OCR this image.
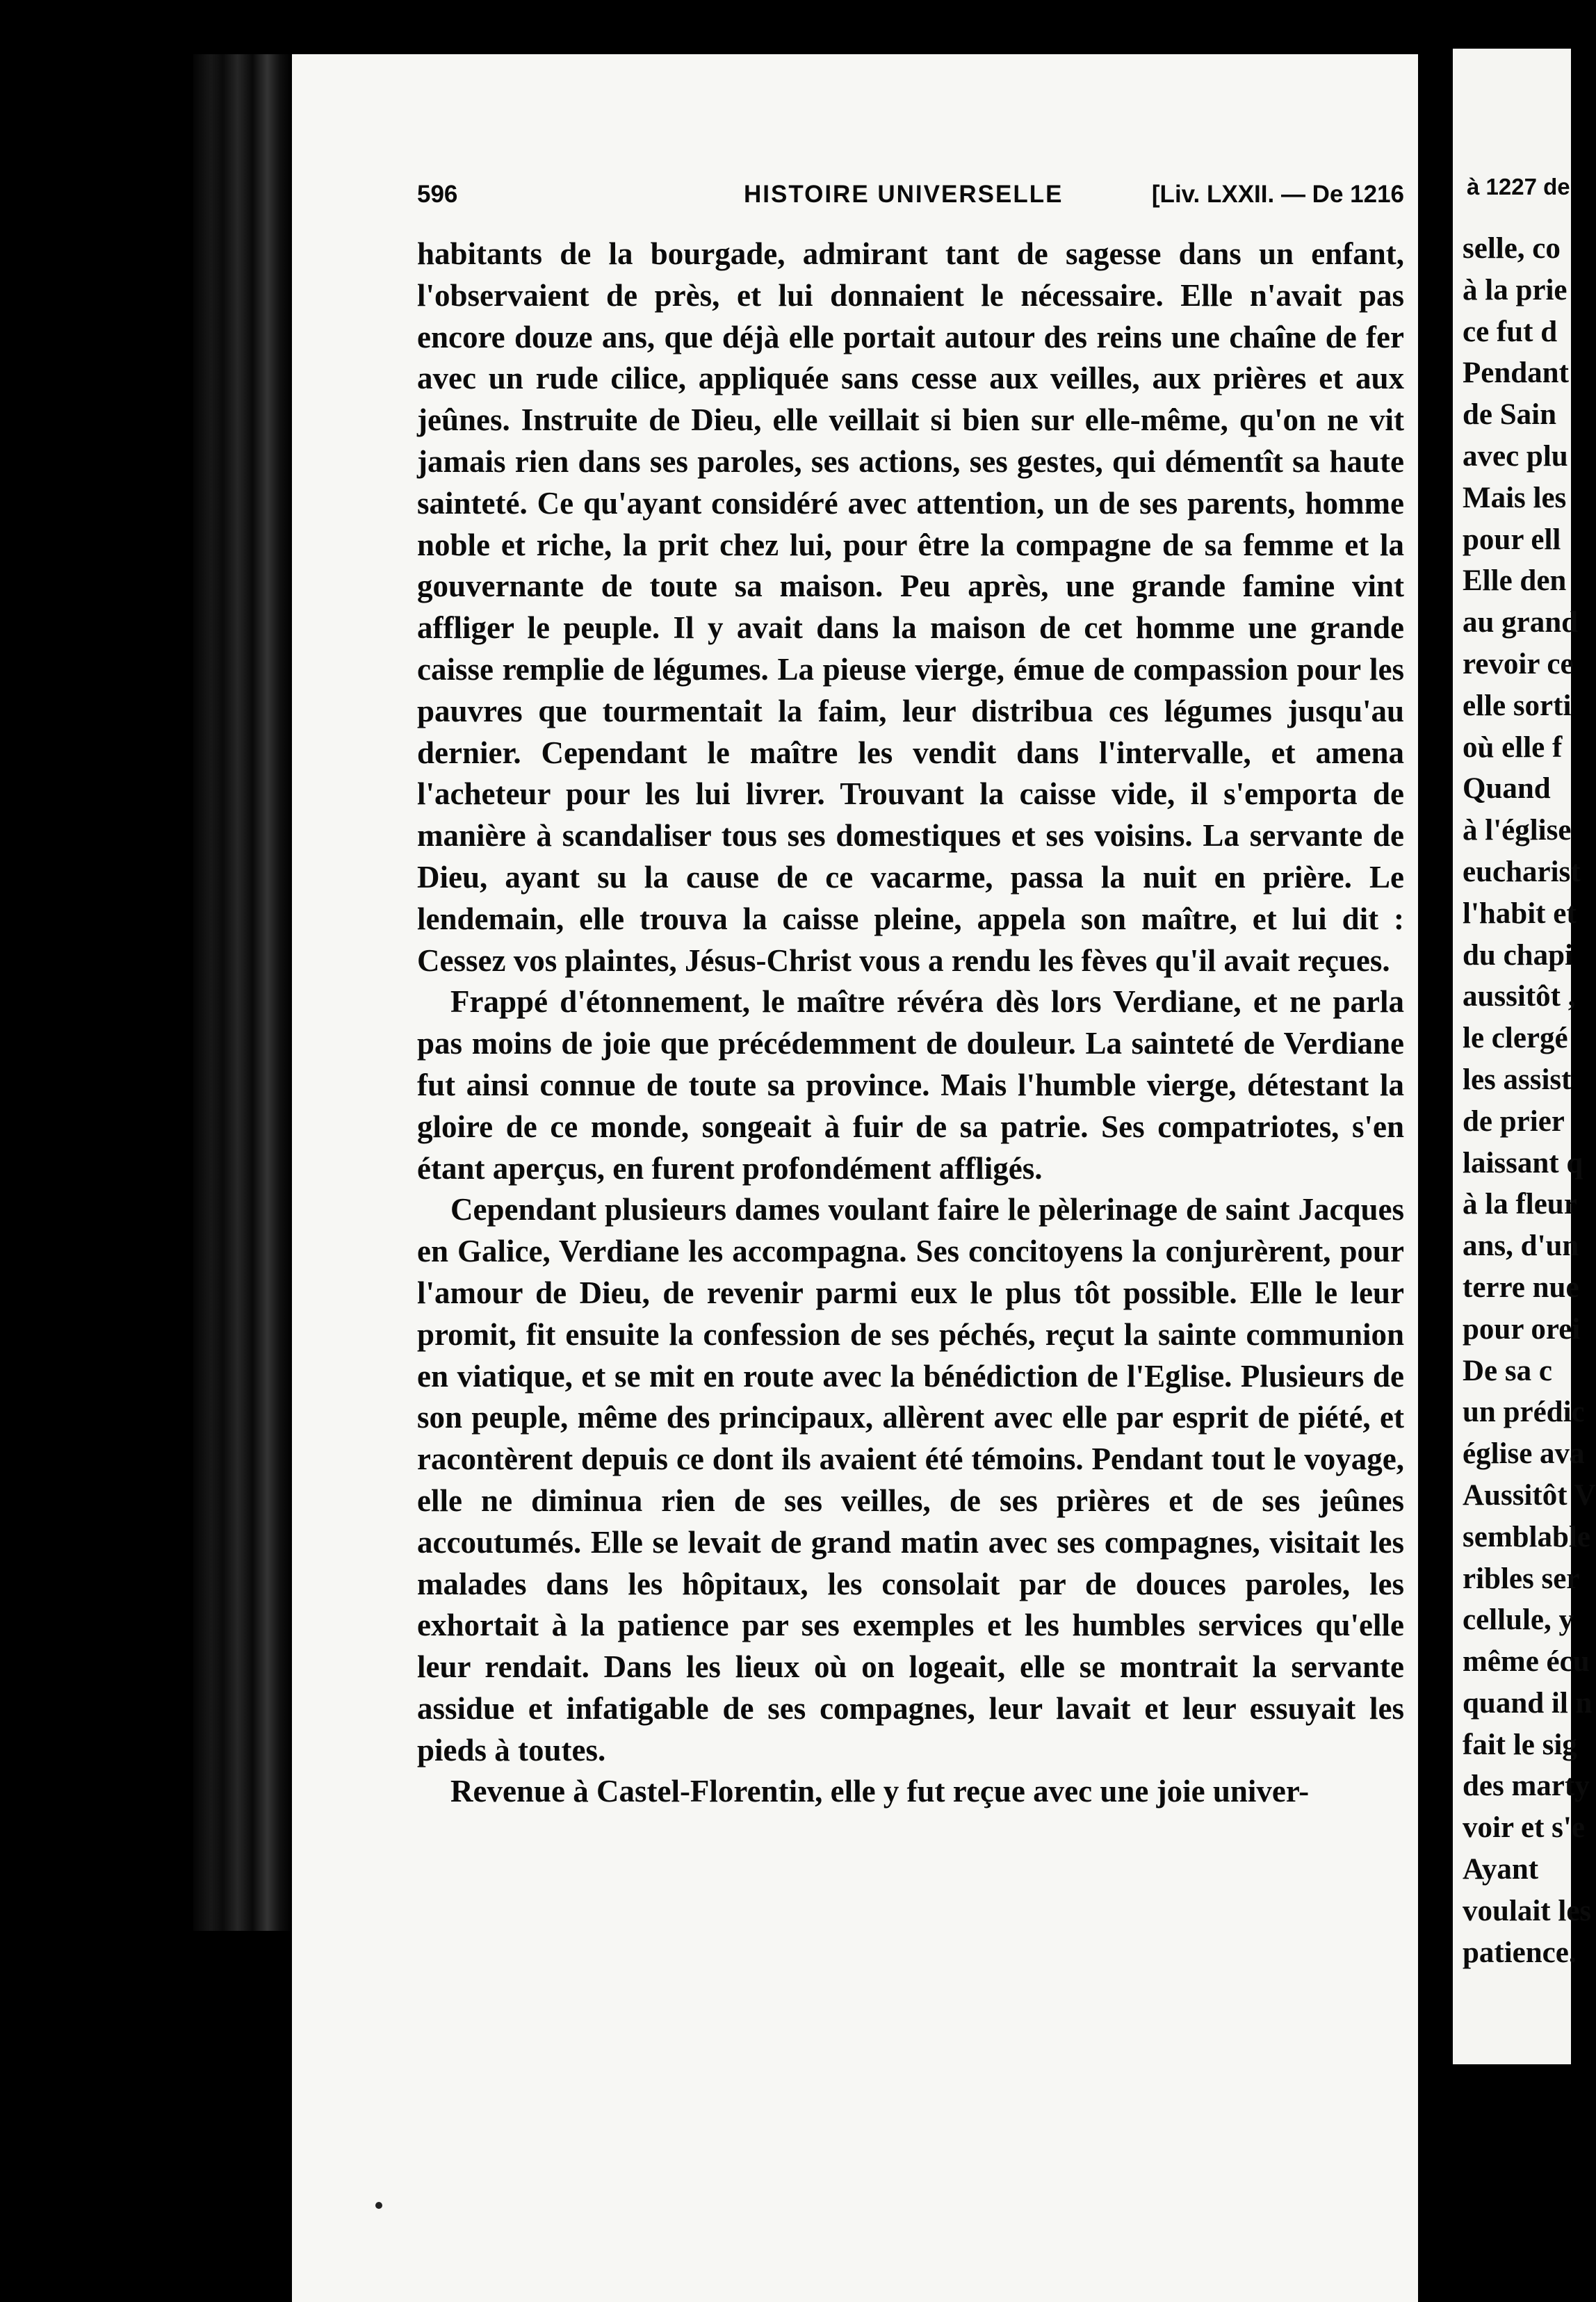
596	HISTOIRE UNIVERSELLE	[Liv. LXXII. — De 1216

habitants de la bourgade, admirant tant de sagesse dans un enfant, l'observaient de près, et lui donnaient le nécessaire. Elle n'avait pas encore douze ans, que déjà elle portait autour des reins une chaîne de fer avec un rude cilice, appliquée sans cesse aux veilles, aux prières et aux jeûnes. Instruite de Dieu, elle veillait si bien sur elle-même, qu'on ne vit jamais rien dans ses paroles, ses actions, ses gestes, qui démentît sa haute sainteté. Ce qu'ayant considéré avec attention, un de ses parents, homme noble et riche, la prit chez lui, pour être la compagne de sa femme et la gouvernante de toute sa maison. Peu après, une grande famine vint affliger le peuple. Il y avait dans la maison de cet homme une grande caisse remplie de légumes. La pieuse vierge, émue de compassion pour les pauvres que tourmentait la faim, leur distribua ces légumes jusqu'au dernier. Cependant le maître les vendit dans l'intervalle, et amena l'acheteur pour les lui livrer. Trouvant la caisse vide, il s'emporta de manière à scandaliser tous ses domestiques et ses voisins. La servante de Dieu, ayant su la cause de ce vacarme, passa la nuit en prière. Le lendemain, elle trouva la caisse pleine, appela son maître, et lui dit : Cessez vos plaintes, Jésus-Christ vous a rendu les fèves qu'il avait reçues.

Frappé d'étonnement, le maître révéra dès lors Verdiane, et ne parla pas moins de joie que précédemment de douleur. La sainteté de Verdiane fut ainsi connue de toute sa province. Mais l'humble vierge, détestant la gloire de ce monde, songeait à fuir de sa patrie. Ses compatriotes, s'en étant aperçus, en furent profondément affligés.

Cependant plusieurs dames voulant faire le pèlerinage de saint Jacques en Galice, Verdiane les accompagna. Ses concitoyens la conjurèrent, pour l'amour de Dieu, de revenir parmi eux le plus tôt possible. Elle le leur promit, fit ensuite la confession de ses péchés, reçut la sainte communion en viatique, et se mit en route avec la bénédiction de l'Eglise. Plusieurs de son peuple, même des principaux, allèrent avec elle par esprit de piété, et racontèrent depuis ce dont ils avaient été témoins. Pendant tout le voyage, elle ne diminua rien de ses veilles, de ses prières et de ses jeûnes accoutumés. Elle se levait de grand matin avec ses compagnes, visitait les malades dans les hôpitaux, les consolait par de douces paroles, les exhortait à la patience par ses exemples et les humbles services qu'elle leur rendait. Dans les lieux où on logeait, elle se montrait la servante assidue et infatigable de ses compagnes, leur lavait et leur essuyait les pieds à toutes.

Revenue à Castel-Florentin, elle y fut reçue avec une joie univer-

à 1227 de
selle, co
à la prie
ce fut d
Pendant
de Sain
avec plu
Mais les
pour ell
Elle den
au grand
revoir ce
elle sorti
où elle f
Quand
à l'église
eucharist
l'habit et
du chapi
aussitôt ,
le clergé
les assist
de prier
laissant q
à la fleur
ans, d'un
terre nue
pour orei
De sa c
un prédic
église ava
Aussitôt V
semblable
ribles ser
cellule, y
même écu
quand il n
fait le sig
des marty
voir et s'e
Ayant
voulait les
patience.
